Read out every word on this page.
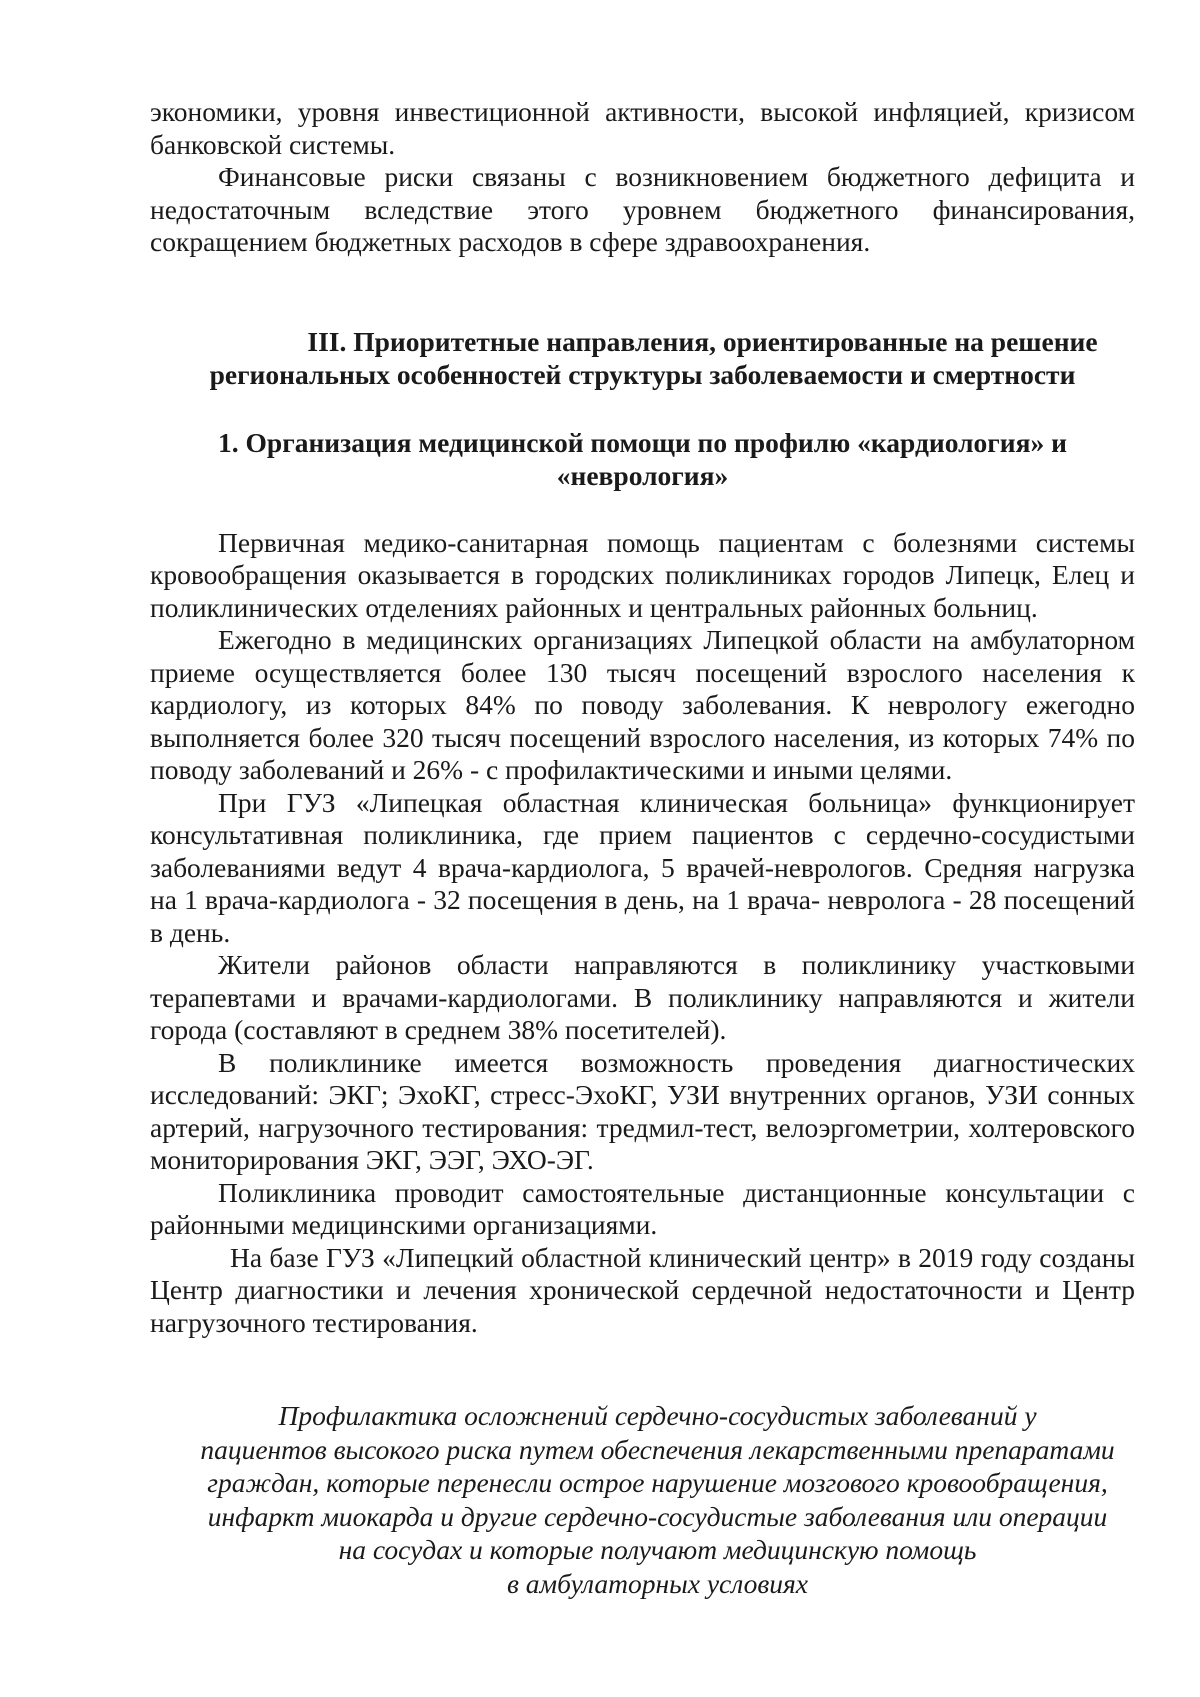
экономики, уровня инвестиционной активности, высокой инфляцией, кризисом банковской системы.

Финансовые риски связаны с возникновением бюджетного дефицита и недостаточным вследствие этого уровнем бюджетного финансирования, сокращением бюджетных расходов в сфере здравоохранения.

III. Приоритетные направления, ориентированные на решение
региональных особенностей структуры заболеваемости и смертности
1. Организация медицинской помощи по профилю «кардиология» и
«неврология»

Первичная медико-санитарная помощь пациентам с болезнями системы кровообращения оказывается в городских поликлиниках городов Липецк, Елец и поликлинических отделениях районных и центральных районных больниц.

Ежегодно в медицинских организациях Липецкой области на амбулаторном приеме осуществляется более 130 тысяч посещений взрослого населения к кардиологу, из которых 84% по поводу заболевания. К неврологу ежегодно выполняется более 320 тысяч посещений взрослого населения, из которых 74% по поводу заболеваний и 26% - с профилактическими и иными целями.

При ГУЗ «Липецкая областная клиническая больница» функционирует консультативная поликлиника, где прием пациентов с сердечно-сосудистыми заболеваниями ведут 4 врача-кардиолога, 5 врачей-неврологов. Средняя нагрузка на 1 врача-кардиолога - 32 посещения в день, на 1 врача- невролога - 28 посещений в день.

Жители районов области направляются в поликлинику участковыми терапевтами и врачами-кардиологами. В поликлинику направляются и жители города (составляют в среднем 38% посетителей).

В поликлинике имеется возможность проведения диагностических исследований: ЭКГ; ЭхоКГ, стресс-ЭхоКГ, УЗИ внутренних органов, УЗИ сонных артерий, нагрузочного тестирования: тредмил-тест, велоэргометрии, холтеровского мониторирования ЭКГ, ЭЭГ, ЭХО-ЭГ.

Поликлиника проводит самостоятельные дистанционные консультации с районными медицинскими организациями.

На базе ГУЗ «Липецкий областной клинический центр» в 2019 году созданы Центр диагностики и лечения хронической сердечной недостаточности и Центр нагрузочного тестирования.

Профилактика осложнений сердечно-сосудистых заболеваний у
пациентов высокого риска путем обеспечения лекарственными препаратами
граждан, которые перенесли острое нарушение мозгового кровообращения,
инфаркт миокарда и другие сердечно-сосудистые заболевания или операции
на сосудах и которые получают медицинскую помощь
в амбулаторных условиях
